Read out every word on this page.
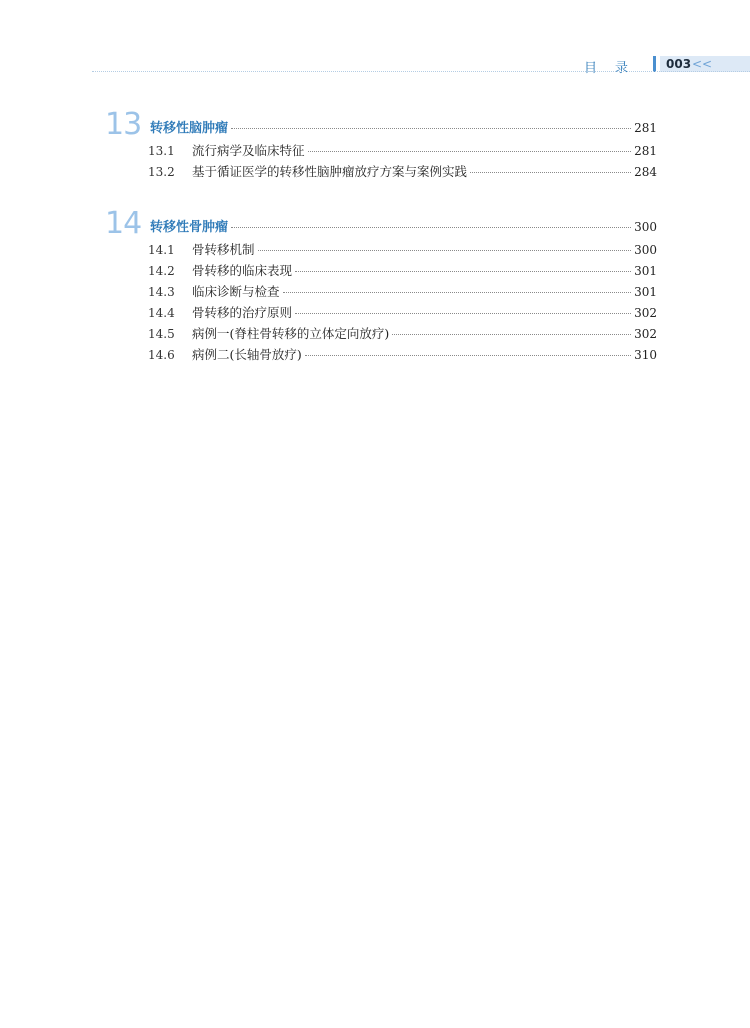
目录 003 <<
13 转移性脑肿瘤	281
13.1	流行病学及临床特征	281
13.2	基于循证医学的转移性脑肿瘤放疗方案与案例实践	284
14 转移性骨肿瘤	300
14.1	骨转移机制	300
14.2	骨转移的临床表现	301
14.3	临床诊断与检查	301
14.4	骨转移的治疗原则	302
14.5	病例一(脊柱骨转移的立体定向放疗)	302
14.6	病例二(长轴骨放疗)	310
